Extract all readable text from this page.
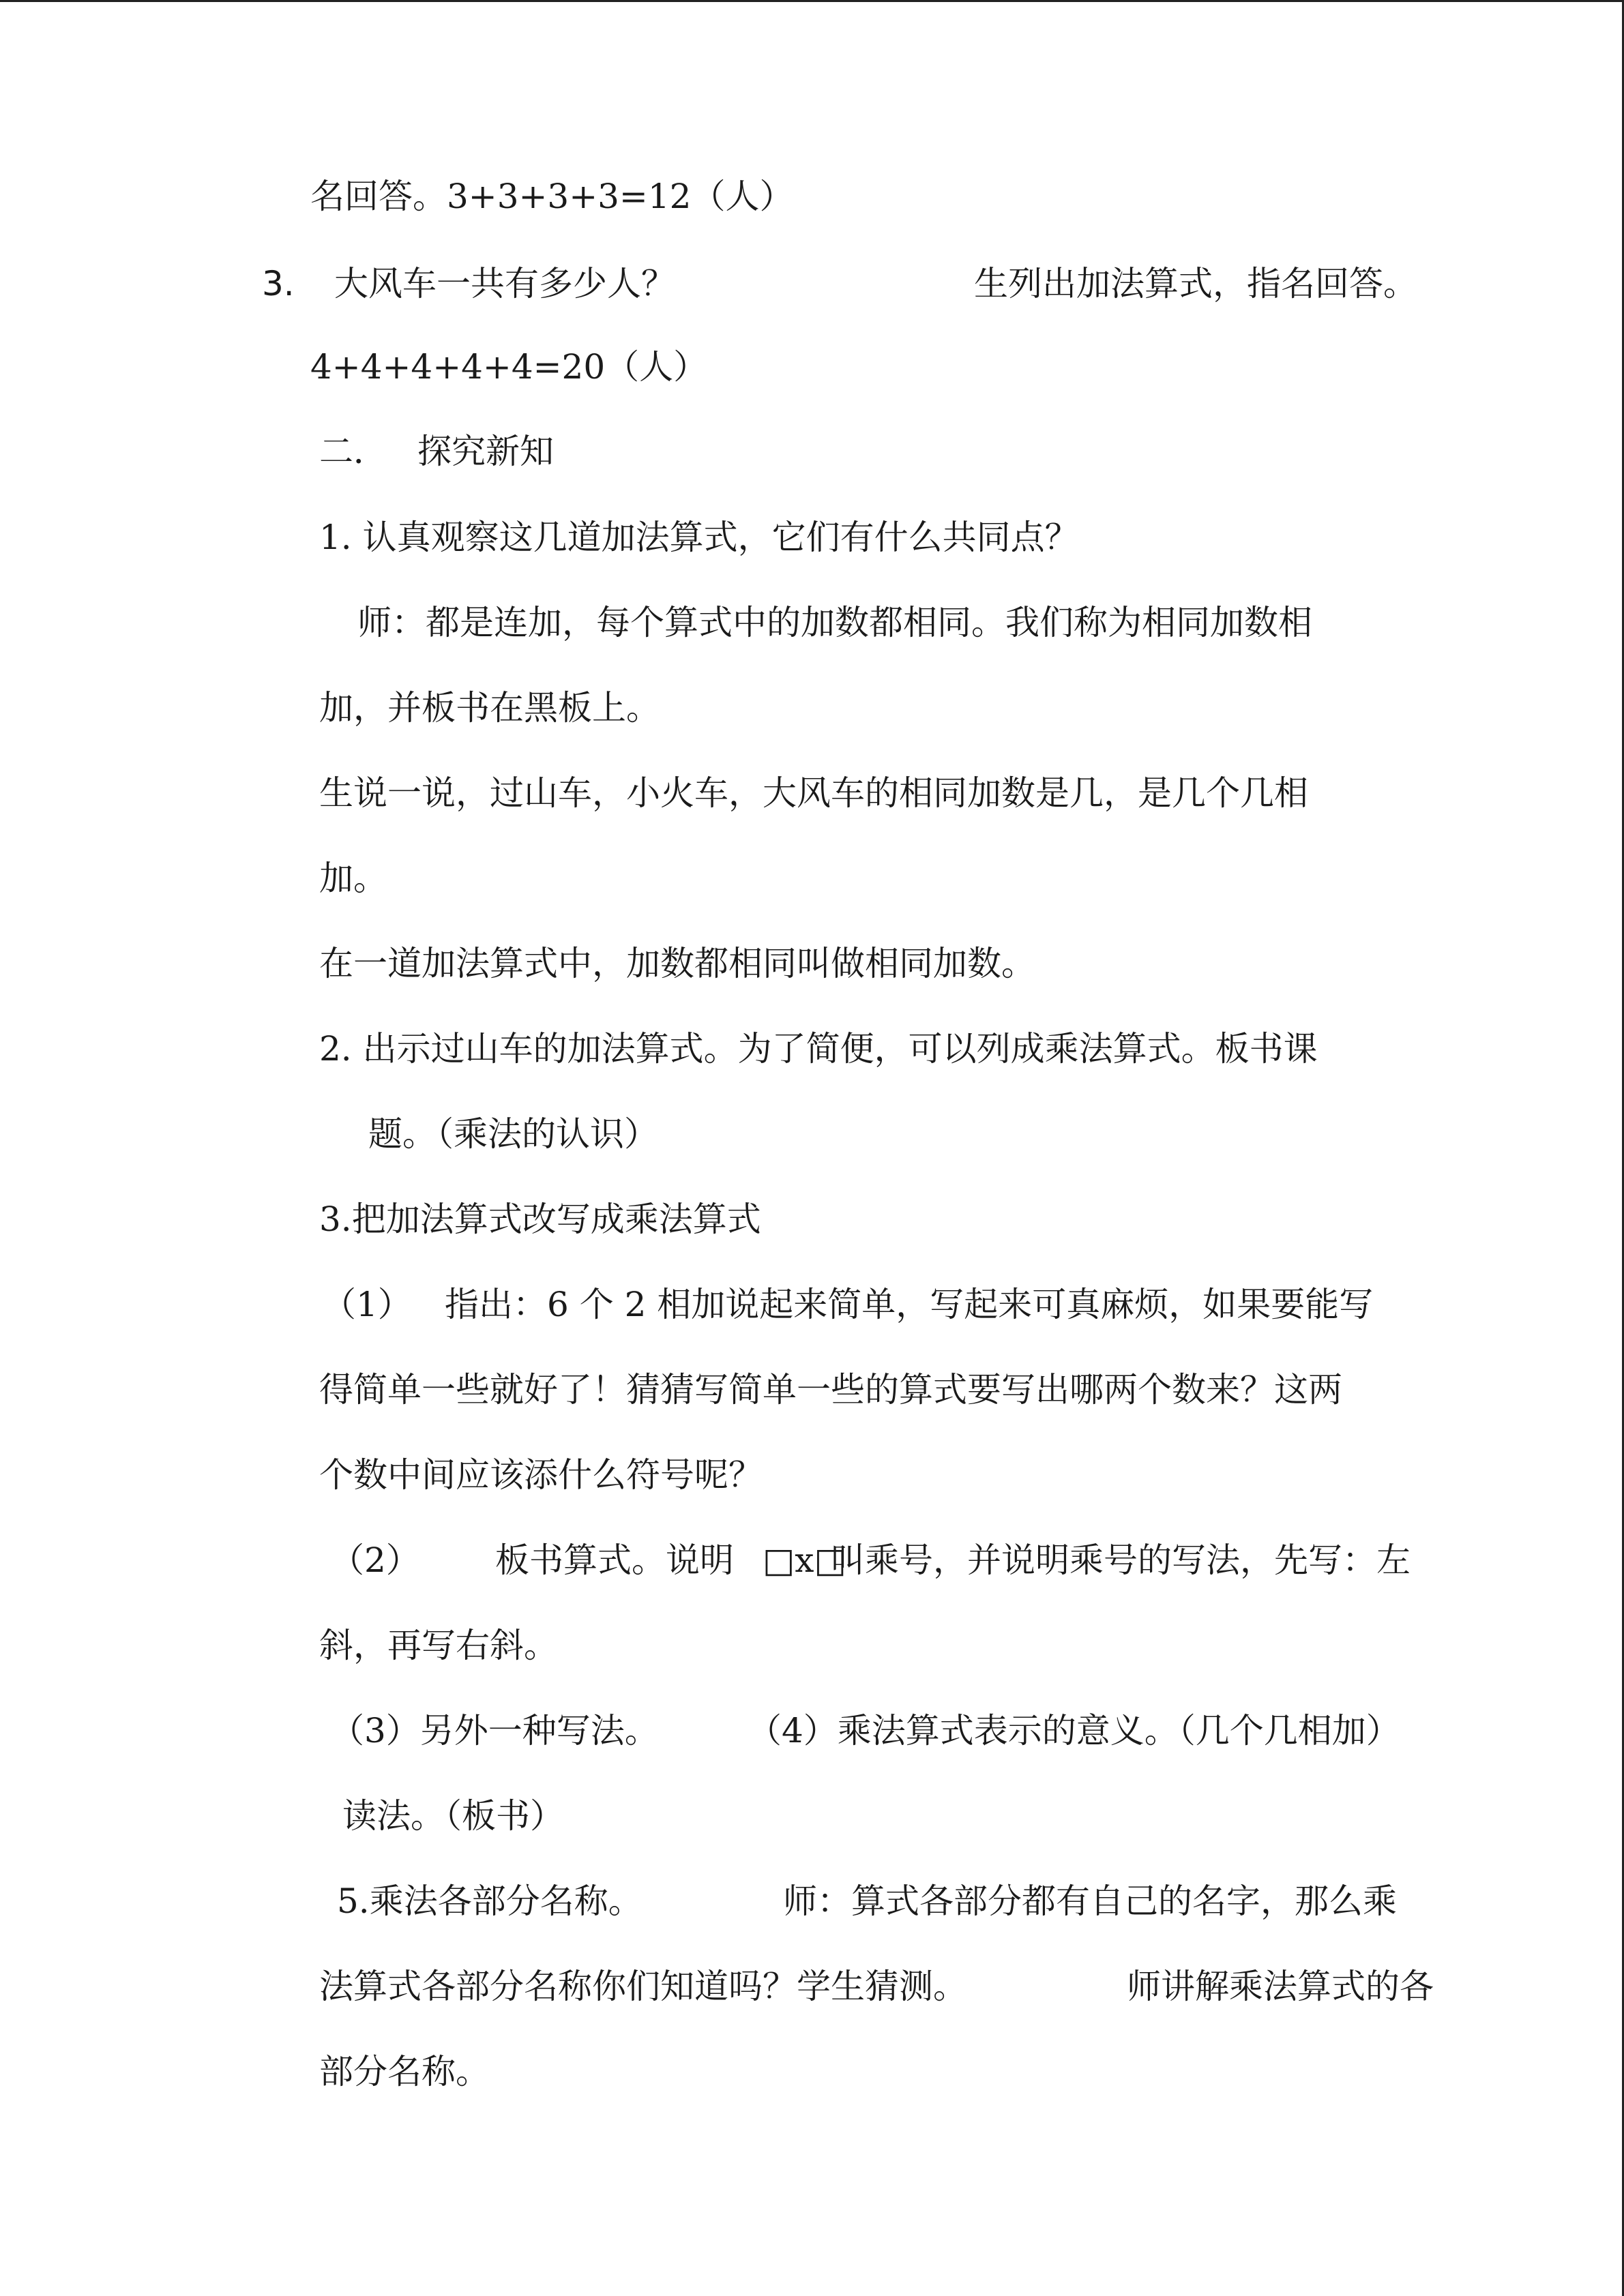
名回答。3+3+3+3=12（人）
3. 大风车一共有多少人？	生列出加法算式，指名回答。
4+4+4+4+4=20（人）
二． 探究新知
1. 认真观察这几道加法算式，它们有什么共同点？
师：都是连加，每个算式中的加数都相同。我们称为相同加数相
加，并板书在黑板上。
生说一说，过山车，小火车，大风车的相同加数是几，是几个几相
加。
在一道加法算式中，加数都相同叫做相同加数。
2. 出示过山车的加法算式。为了简便，可以列成乘法算式。板书课
题。（乘法的认识）
3.把加法算式改写成乘法算式
（1） 指出：6 个 2 相加说起来简单，写起来可真麻烦，如果要能写
得简单一些就好了！猜猜写简单一些的算式要写出哪两个数来？这两
个数中间应该添什么符号呢？
（2） 板书算式。说明 □x□
叫乘号，并说明乘号的写法，先写：左
斜，再写右斜。
（3）另外一种写法。	（4）乘法算式表示的意义。（几个几相加）
读法。（板书）
5.乘法各部分名称。	师：算式各部分都有自己的名字，那么乘
法算式各部分名称你们知道吗？学生猜测。	师讲解乘法算式的各
部分名称。
